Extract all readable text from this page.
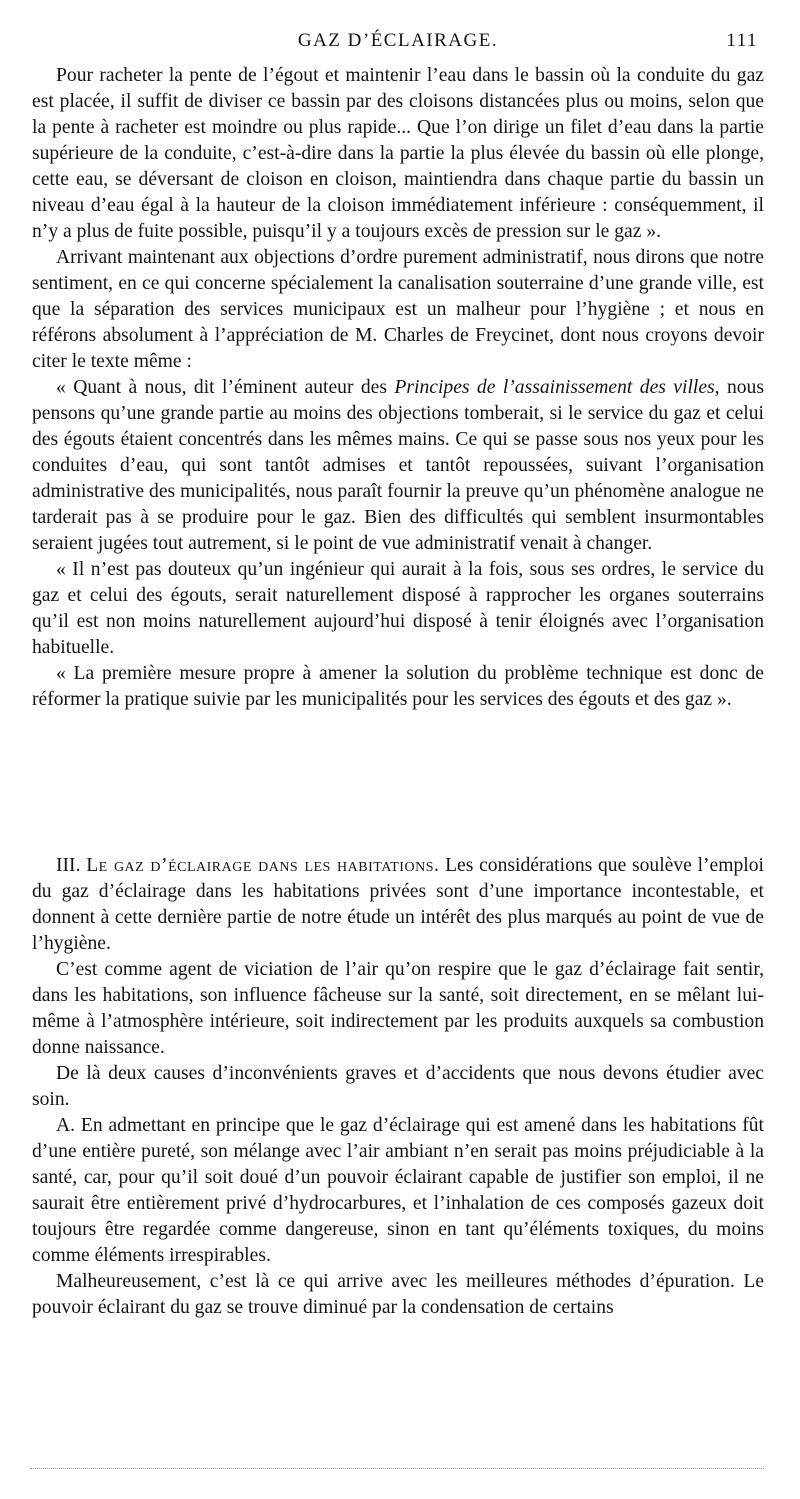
GAZ D’ÉCLAIRAGE.	111

Pour racheter la pente de l’égout et maintenir l’eau dans le bassin où la conduite du gaz est placée, il suffit de diviser ce bassin par des cloisons distancées plus ou moins, selon que la pente à racheter est moindre ou plus rapide... Que l’on dirige un filet d’eau dans la partie supérieure de la conduite, c’est-à-dire dans la partie la plus élevée du bassin où elle plonge, cette eau, se déversant de cloison en cloison, maintiendra dans chaque partie du bassin un niveau d’eau égal à la hauteur de la cloison immédiatement inférieure : conséquemment, il n’y a plus de fuite possible, puisqu’il y a toujours excès de pression sur le gaz ».

Arrivant maintenant aux objections d’ordre purement administratif, nous dirons que notre sentiment, en ce qui concerne spécialement la canalisation souterraine d’une grande ville, est que la séparation des services municipaux est un malheur pour l’hygiène ; et nous en référons absolument à l’appréciation de M. Charles de Freycinet, dont nous croyons devoir citer le texte même :

« Quant à nous, dit l’éminent auteur des Principes de l’assainissement des villes, nous pensons qu’une grande partie au moins des objections tomberait, si le service du gaz et celui des égouts étaient concentrés dans les mêmes mains. Ce qui se passe sous nos yeux pour les conduites d’eau, qui sont tantôt admises et tantôt repoussées, suivant l’organisation administrative des municipalités, nous paraît fournir la preuve qu’un phénomène analogue ne tarderait pas à se produire pour le gaz. Bien des difficultés qui semblent insurmontables seraient jugées tout autrement, si le point de vue administratif venait à changer.

« Il n’est pas douteux qu’un ingénieur qui aurait à la fois, sous ses ordres, le service du gaz et celui des égouts, serait naturellement disposé à rapprocher les organes souterrains qu’il est non moins naturellement aujourd’hui disposé à tenir éloignés avec l’organisation habituelle.

« La première mesure propre à amener la solution du problème technique est donc de réformer la pratique suivie par les municipalités pour les services des égouts et des gaz ».

III. Le gaz d’éclairage dans les habitations. Les considérations que soulève l’emploi du gaz d’éclairage dans les habitations privées sont d’une importance incontestable, et donnent à cette dernière partie de notre étude un intérêt des plus marqués au point de vue de l’hygiène.

C’est comme agent de viciation de l’air qu’on respire que le gaz d’éclairage fait sentir, dans les habitations, son influence fâcheuse sur la santé, soit directement, en se mêlant lui-même à l’atmosphère intérieure, soit indirectement par les produits auxquels sa combustion donne naissance.

De là deux causes d’inconvénients graves et d’accidents que nous devons étudier avec soin.

A. En admettant en principe que le gaz d’éclairage qui est amené dans les habitations fût d’une entière pureté, son mélange avec l’air ambiant n’en serait pas moins préjudiciable à la santé, car, pour qu’il soit doué d’un pouvoir éclairant capable de justifier son emploi, il ne saurait être entièrement privé d’hydrocarbures, et l’inhalation de ces composés gazeux doit toujours être regardée comme dangereuse, sinon en tant qu’éléments toxiques, du moins comme éléments irrespirables.

Malheureusement, c’est là ce qui arrive avec les meilleures méthodes d’épuration. Le pouvoir éclairant du gaz se trouve diminué par la condensation de certains
